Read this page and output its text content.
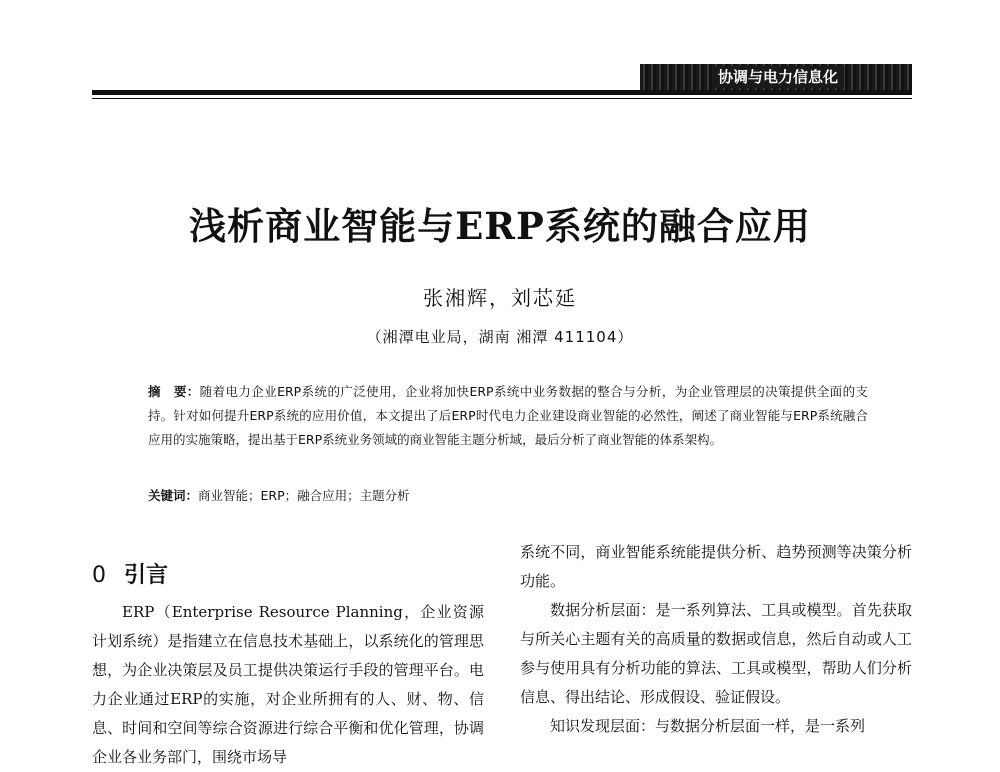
协调与电力信息化
浅析商业智能与ERP系统的融合应用
张湘辉，刘芯延
（湘潭电业局，湖南 湘潭 411104）
摘　要：随着电力企业ERP系统的广泛使用，企业将加快ERP系统中业务数据的整合与分析，为企业管理层的决策提供全面的支持。针对如何提升ERP系统的应用价值，本文提出了后ERP时代电力企业建设商业智能的必然性，阐述了商业智能与ERP系统融合应用的实施策略，提出基于ERP系统业务领域的商业智能主题分析域，最后分析了商业智能的体系架构。
关键词：商业智能；ERP；融合应用；主题分析
0 引言

ERP（Enterprise Resource Planning，企业资源计划系统）是指建立在信息技术基础上，以系统化的管理思想，为企业决策层及员工提供决策运行手段的管理平台。电力企业通过ERP的实施，对企业所拥有的人、财、物、信息、时间和空间等综合资源进行综合平衡和优化管理，协调企业各业务部门，围绕市场导

系统不同，商业智能系统能提供分析、趋势预测等决策分析功能。

数据分析层面：是一系列算法、工具或模型。首先获取与所关心主题有关的高质量的数据或信息，然后自动或人工参与使用具有分析功能的算法、工具或模型，帮助人们分析信息、得出结论、形成假设、验证假设。

知识发现层面：与数据分析层面一样，是一系列
